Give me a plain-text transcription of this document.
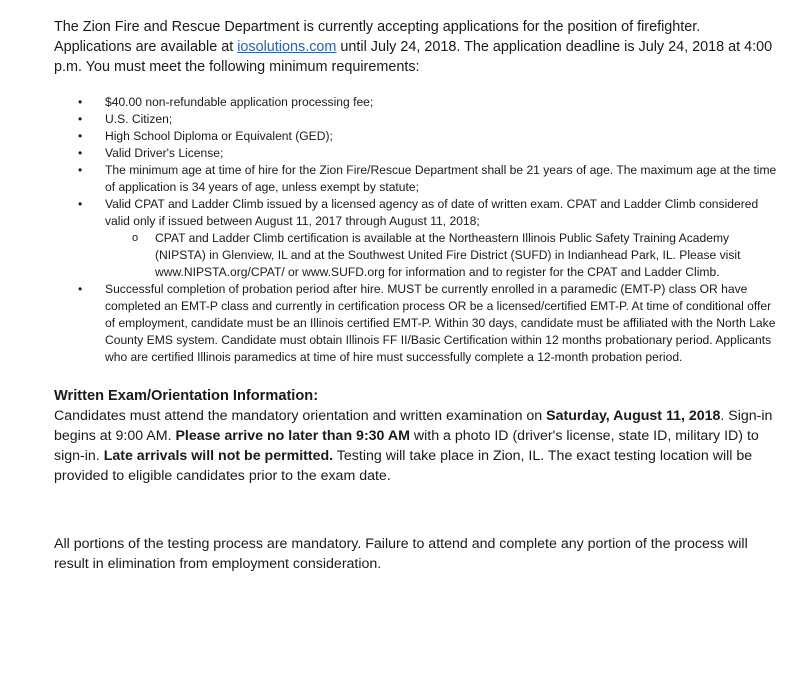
The Zion Fire and Rescue Department is currently accepting applications for the position of firefighter. Applications are available at iosolutions.com until July 24, 2018. The application deadline is July 24, 2018 at 4:00 p.m. You must meet the following minimum requirements:

• $40.00 non-refundable application processing fee;
• U.S. Citizen;
• High School Diploma or Equivalent (GED);
• Valid Driver's License;
• The minimum age at time of hire for the Zion Fire/Rescue Department shall be 21 years of age. The maximum age at the time of application is 34 years of age, unless exempt by statute;
• Valid CPAT and Ladder Climb issued by a licensed agency as of date of written exam. CPAT and Ladder Climb considered valid only if issued between August 11, 2017 through August 11, 2018;
o CPAT and Ladder Climb certification is available at the Northeastern Illinois Public Safety Training Academy (NIPSTA) in Glenview, IL and at the Southwest United Fire District (SUFD) in Indianhead Park, IL. Please visit www.NIPSTA.org/CPAT/ or www.SUFD.org for information and to register for the CPAT and Ladder Climb.
• Successful completion of probation period after hire. MUST be currently enrolled in a paramedic (EMT-P) class OR have completed an EMT-P class and currently in certification process OR be a licensed/certified EMT-P. At time of conditional offer of employment, candidate must be an Illinois certified EMT-P. Within 30 days, candidate must be affiliated with the North Lake County EMS system. Candidate must obtain Illinois FF II/Basic Certification within 12 months probationary period. Applicants who are certified Illinois paramedics at time of hire must successfully complete a 12-month probation period.

Written Exam/Orientation Information:

Candidates must attend the mandatory orientation and written examination on Saturday, August 11, 2018. Sign-in begins at 9:00 AM. Please arrive no later than 9:30 AM with a photo ID (driver's license, state ID, military ID) to sign-in. Late arrivals will not be permitted. Testing will take place in Zion, IL. The exact testing location will be provided to eligible candidates prior to the exam date.

All portions of the testing process are mandatory. Failure to attend and complete any portion of the process will result in elimination from employment consideration.
